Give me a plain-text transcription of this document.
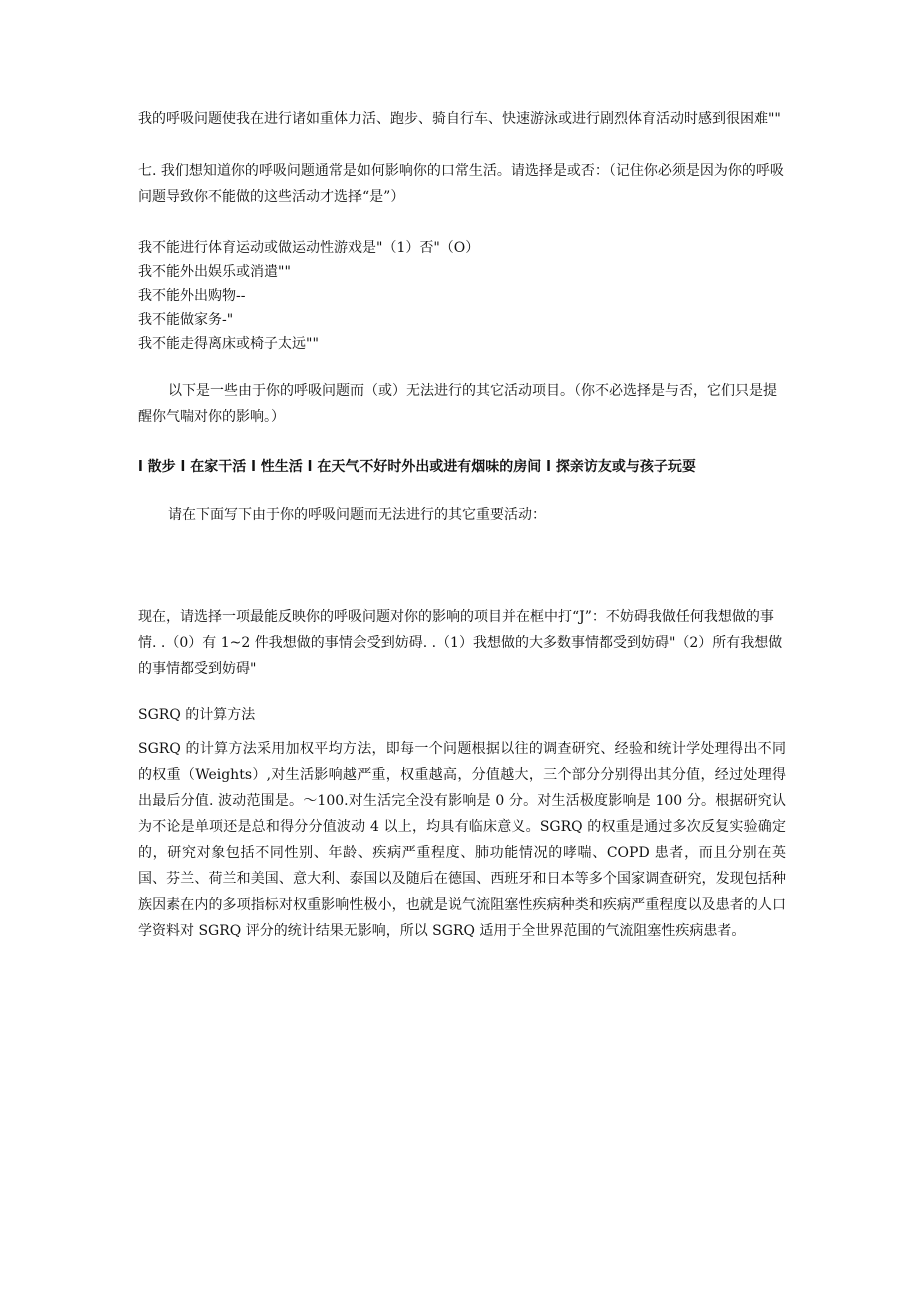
我的呼吸问题使我在进行诸如重体力活、跑步、骑自行车、快速游泳或进行剧烈体育活动时感到很困难""

七. 我们想知道你的呼吸问题通常是如何影响你的口常生活。请选择是或否：（记住你必须是因为你的呼吸问题导致你不能做的这些活动才选择“是”）

我不能进行体育运动或做运动性游戏是"（1）否"（O）

我不能外出娱乐或消遣""

我不能外出购物--

我不能做家务-"

我不能走得离床或椅子太远""

以下是一些由于你的呼吸问题而（或）无法进行的其它活动项目。（你不必选择是与否，它们只是提醒你气喘对你的影响。）

l 散步 l 在家干活 l 性生活 l 在天气不好时外出或进有烟味的房间 l 探亲访友或与孩子玩耍

请在下面写下由于你的呼吸问题而无法进行的其它重要活动：

现在，请选择一项最能反映你的呼吸问题对你的影响的项目并在框中打“J”：不妨碍我做任何我想做的事情. .（0）有 1~2 件我想做的事情会受到妨碍. .（1）我想做的大多数事情都受到妨碍"（2）所有我想做的事情都受到妨碍"

SGRQ 的计算方法

SGRQ 的计算方法采用加权平均方法，即每一个问题根据以往的调查研究、经验和统计学处理得出不同的权重（Weights）,对生活影响越严重，权重越高，分值越大，三个部分分别得出其分值，经过处理得出最后分值. 波动范围是。～100.对生活完全没有影响是 0 分。对生活极度影响是 100 分。根据研究认为不论是单项还是总和得分分值波动 4 以上，均具有临床意义。SGRQ 的权重是通过多次反复实验确定的，研究对象包括不同性别、年龄、疾病严重程度、肺功能情况的哮喘、COPD 患者，而且分别在英国、芬兰、荷兰和美国、意大利、泰国以及随后在德国、西班牙和日本等多个国家调查研究，发现包括种族因素在内的多项指标对权重影响性极小，也就是说气流阻塞性疾病种类和疾病严重程度以及患者的人口学资料对 SGRQ 评分的统计结果无影响，所以 SGRQ 适用于全世界范围的气流阻塞性疾病患者。
